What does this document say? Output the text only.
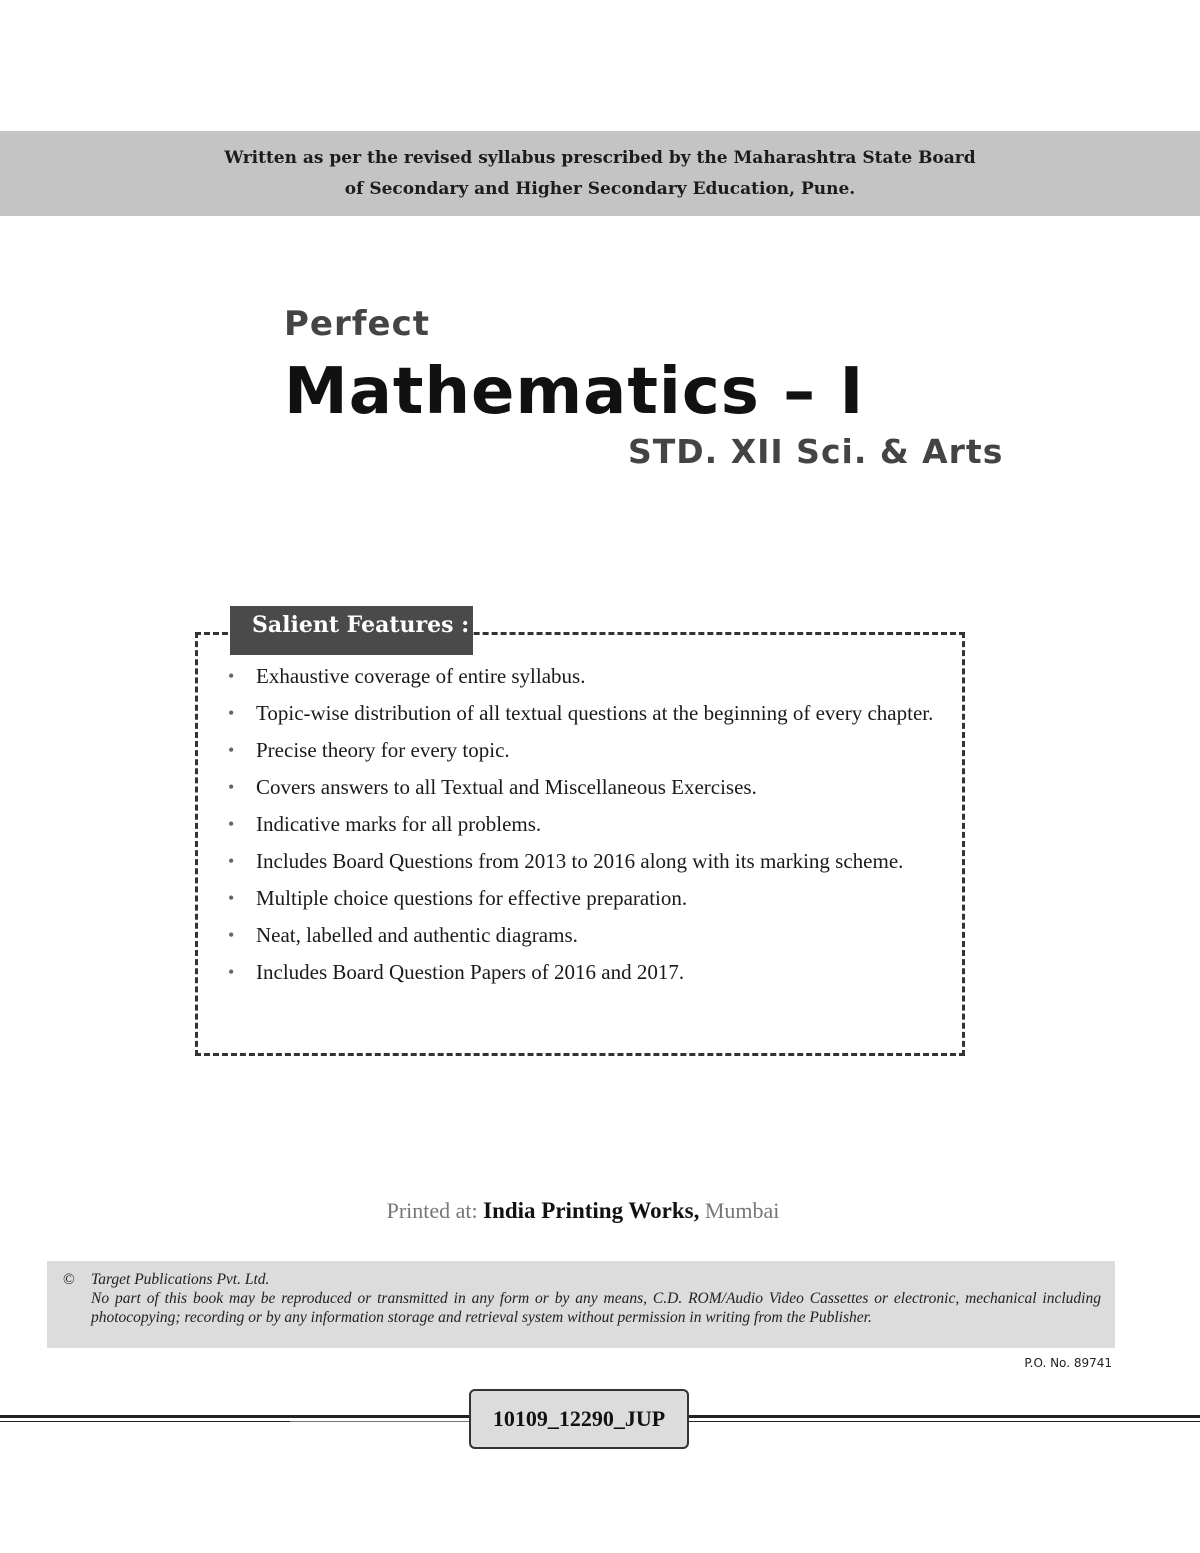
Written as per the revised syllabus prescribed by the Maharashtra State Board
of Secondary and Higher Secondary Education, Pune.
Perfect
Mathematics – I
STD. XII Sci. & Arts
Salient Features :
• Exhaustive coverage of entire syllabus.
• Topic-wise distribution of all textual questions at the beginning of every chapter.
• Precise theory for every topic.
• Covers answers to all Textual and Miscellaneous Exercises.
• Indicative marks for all problems.
• Includes Board Questions from 2013 to 2016 along with its marking scheme.
• Multiple choice questions for effective preparation.
• Neat, labelled and authentic diagrams.
• Includes Board Question Papers of 2016 and 2017.
Printed at: India Printing Works, Mumbai
©	Target Publications Pvt. Ltd.
No part of this book may be reproduced or transmitted in any form or by any means, C.D. ROM/Audio Video Cassettes or electronic, mechanical including photocopying; recording or by any information storage and retrieval system without permission in writing from the Publisher.
P.O. No. 89741
10109_12290_JUP
